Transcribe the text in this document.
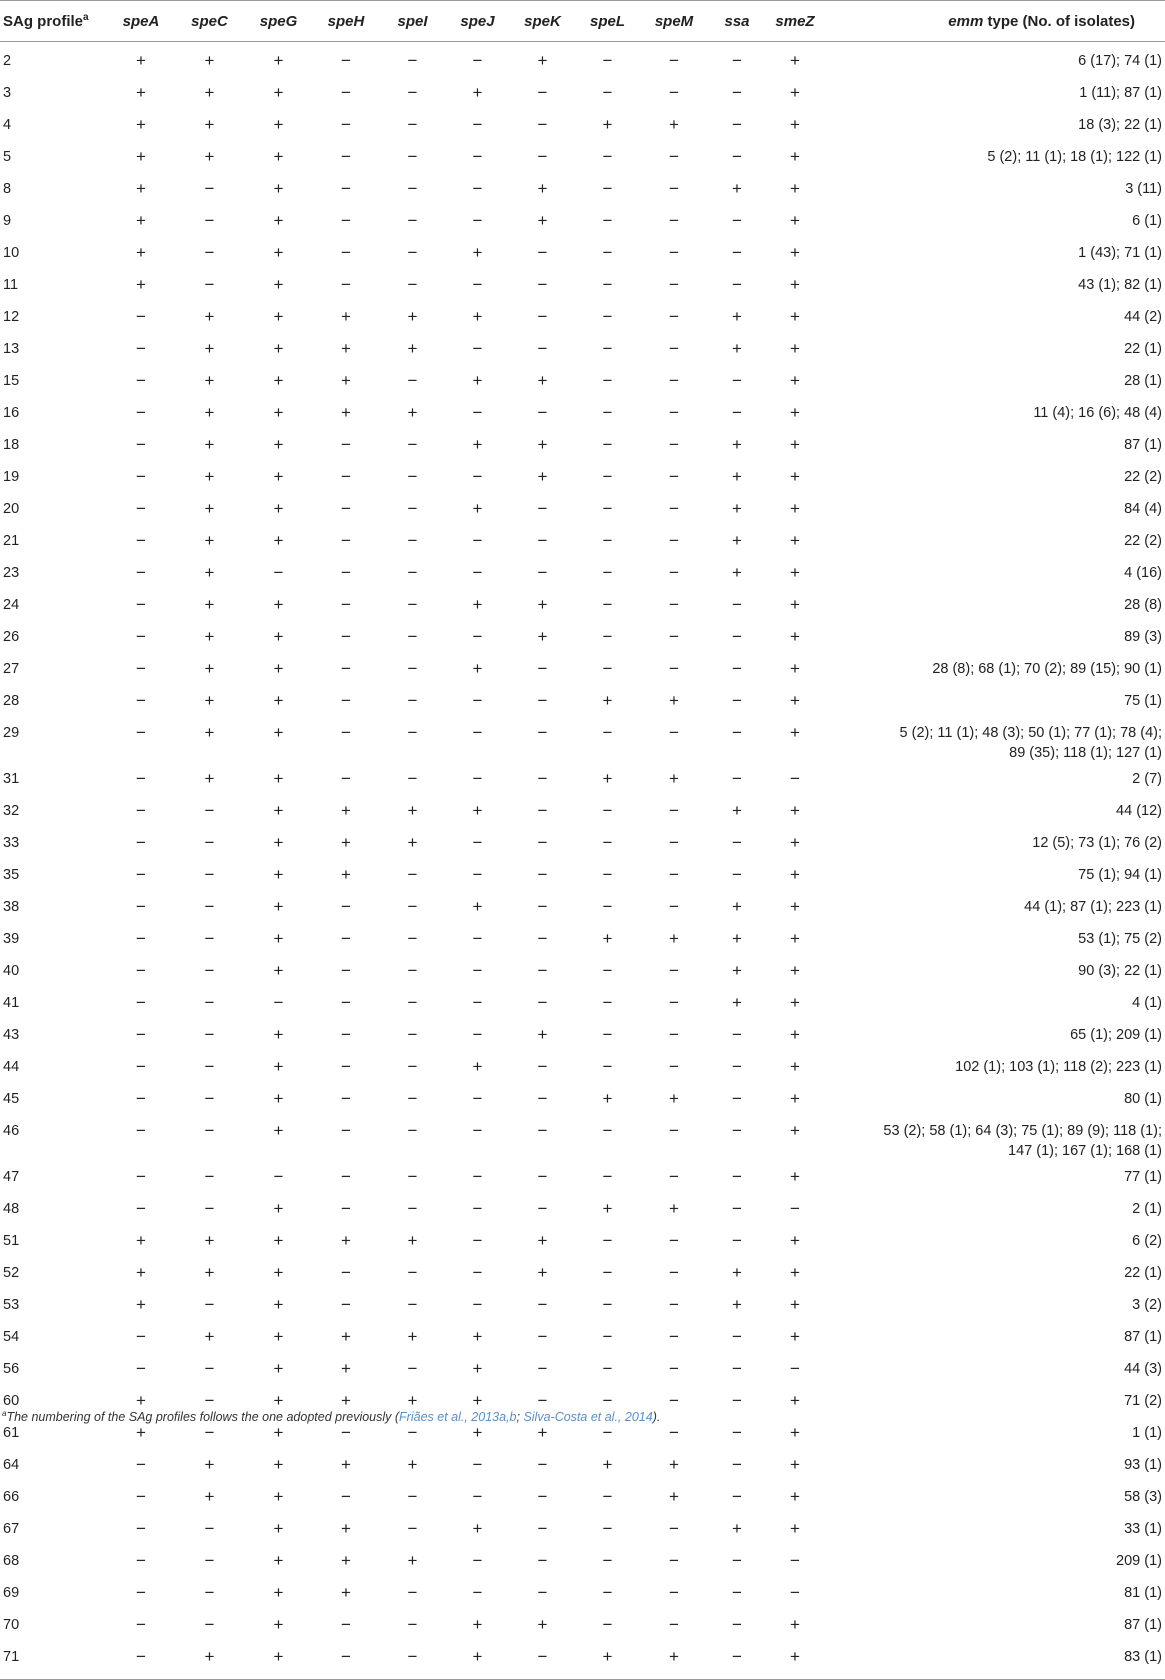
SAg profile$^a$	speA	speC	speG	speH	speI	speJ	speK	speL	speM	ssa	smeZ	emm type (No. of isolates)
2	+	+	+	−	−	−	+	−	−	−	+	6 (17); 74 (1)
3	+	+	+	−	−	+	−	−	−	−	+	1 (11); 87 (1)
4	+	+	+	−	−	−	−	+	+	−	+	18 (3); 22 (1)
5	+	+	+	−	−	−	−	−	−	−	+	5 (2); 11 (1); 18 (1); 122 (1)
8	+	−	+	−	−	−	+	−	−	+	+	3 (11)
9	+	−	+	−	−	−	+	−	−	−	+	6 (1)
10	+	−	+	−	−	+	−	−	−	−	+	1 (43); 71 (1)
11	+	−	+	−	−	−	−	−	−	−	+	43 (1); 82 (1)
12	−	+	+	+	+	+	−	−	−	+	+	44 (2)
13	−	+	+	+	+	−	−	−	−	+	+	22 (1)
15	−	+	+	+	−	+	+	−	−	−	+	28 (1)
16	−	+	+	+	+	−	−	−	−	−	+	11 (4); 16 (6); 48 (4)
18	−	+	+	−	−	+	+	−	−	+	+	87 (1)
19	−	+	+	−	−	−	+	−	−	+	+	22 (2)
20	−	+	+	−	−	+	−	−	−	+	+	84 (4)
21	−	+	+	−	−	−	−	−	−	+	+	22 (2)
23	−	+	−	−	−	−	−	−	−	+	+	4 (16)
24	−	+	+	−	−	+	+	−	−	−	+	28 (8)
26	−	+	+	−	−	−	+	−	−	−	+	89 (3)
27	−	+	+	−	−	+	−	−	−	−	+	28 (8); 68 (1); 70 (2); 89 (15); 90 (1)
28	−	+	+	−	−	−	−	+	+	−	+	75 (1)
29	−	+	+	−	−	−	−	−	−	−	+	5 (2); 11 (1); 48 (3); 50 (1); 77 (1); 78 (4);
89 (35); 118 (1); 127 (1)
31	−	+	+	−	−	−	−	+	+	−	−	2 (7)
32	−	−	+	+	+	+	−	−	−	+	+	44 (12)
33	−	−	+	+	+	−	−	−	−	−	+	12 (5); 73 (1); 76 (2)
35	−	−	+	+	−	−	−	−	−	−	+	75 (1); 94 (1)
38	−	−	+	−	−	+	−	−	−	+	+	44 (1); 87 (1); 223 (1)
39	−	−	+	−	−	−	−	+	+	+	+	53 (1); 75 (2)
40	−	−	+	−	−	−	−	−	−	+	+	90 (3); 22 (1)
41	−	−	−	−	−	−	−	−	−	+	+	4 (1)
43	−	−	+	−	−	−	+	−	−	−	+	65 (1); 209 (1)
44	−	−	+	−	−	+	−	−	−	−	+	102 (1); 103 (1); 118 (2); 223 (1)
45	−	−	+	−	−	−	−	+	+	−	+	80 (1)
46	−	−	+	−	−	−	−	−	−	−	+	53 (2); 58 (1); 64 (3); 75 (1); 89 (9); 118 (1);
147 (1); 167 (1); 168 (1)
47	−	−	−	−	−	−	−	−	−	−	+	77 (1)
48	−	−	+	−	−	−	−	+	+	−	−	2 (1)
51	+	+	+	+	+	−	+	−	−	−	+	6 (2)
52	+	+	+	−	−	−	+	−	−	+	+	22 (1)
53	+	−	+	−	−	−	−	−	−	+	+	3 (2)
54	−	+	+	+	+	+	−	−	−	−	+	87 (1)
56	−	−	+	+	−	+	−	−	−	−	−	44 (3)
60	+	−	+	+	+	+	−	−	−	−	+	71 (2)
61	+	−	+	−	−	+	+	−	−	−	+	1 (1)
64	−	+	+	+	+	−	−	+	+	−	+	93 (1)
66	−	+	+	−	−	−	−	−	+	−	+	58 (3)
67	−	−	+	+	−	+	−	−	−	+	+	33 (1)
68	−	−	+	+	+	−	−	−	−	−	−	209 (1)
69	−	−	+	+	−	−	−	−	−	−	−	81 (1)
70	−	−	+	−	−	+	+	−	−	−	+	87 (1)
71	−	+	+	−	−	+	−	+	+	−	+	83 (1)
$^a$The numbering of the SAg profiles follows the one adopted previously (Friães et al., 2013a,b; Silva-Costa et al., 2014).
